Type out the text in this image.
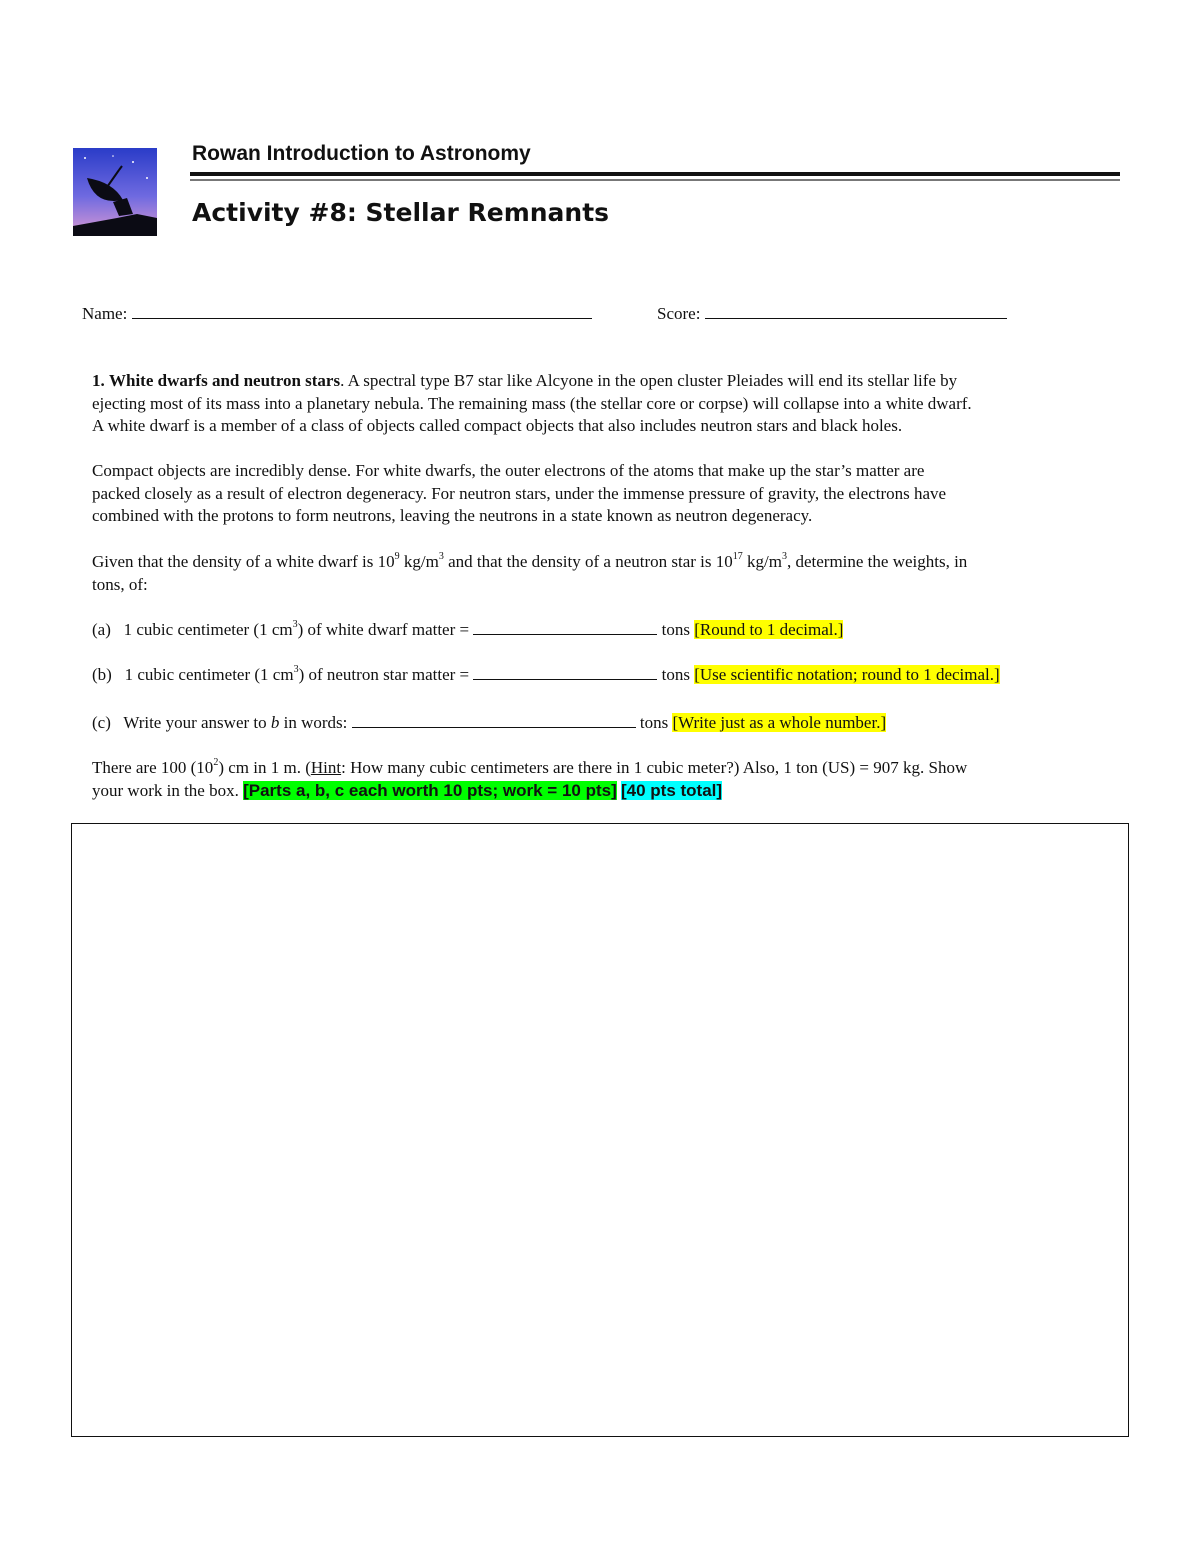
Rowan Introduction to Astronomy
Activity #8: Stellar Remnants
Name:	Score:
1. White dwarfs and neutron stars. A spectral type B7 star like Alcyone in the open cluster Pleiades will end its stellar life by
ejecting most of its mass into a planetary nebula. The remaining mass (the stellar core or corpse) will collapse into a white dwarf.
A white dwarf is a member of a class of objects called compact objects that also includes neutron stars and black holes.
Compact objects are incredibly dense. For white dwarfs, the outer electrons of the atoms that make up the star’s matter are
packed closely as a result of electron degeneracy. For neutron stars, under the immense pressure of gravity, the electrons have
combined with the protons to form neutrons, leaving the neutrons in a state known as neutron degeneracy.
Given that the density of a white dwarf is $10^9$ $kg/m^3$ and that the density of a neutron star is $10^{17}$ $kg/m^3$, determine the weights, in
tons, of:
(a) 1 cubic centimeter (1 $cm^3$) of white dwarf matter =	tons [Round to 1 decimal.]
(b) 1 cubic centimeter (1 $cm^3$) of neutron star matter =	tons [Use scientific notation; round to 1 decimal.]
(c) Write your answer to b in words:	tons [Write just as a whole number.]
There are 100 $(10^2)$ cm in 1 m. (Hint: How many cubic centimeters are there in 1 cubic meter?) Also, 1 ton (US) = 907 kg. Show
your work in the box. [Parts a, b, c each worth 10 pts; work = 10 pts] [40 pts total]
